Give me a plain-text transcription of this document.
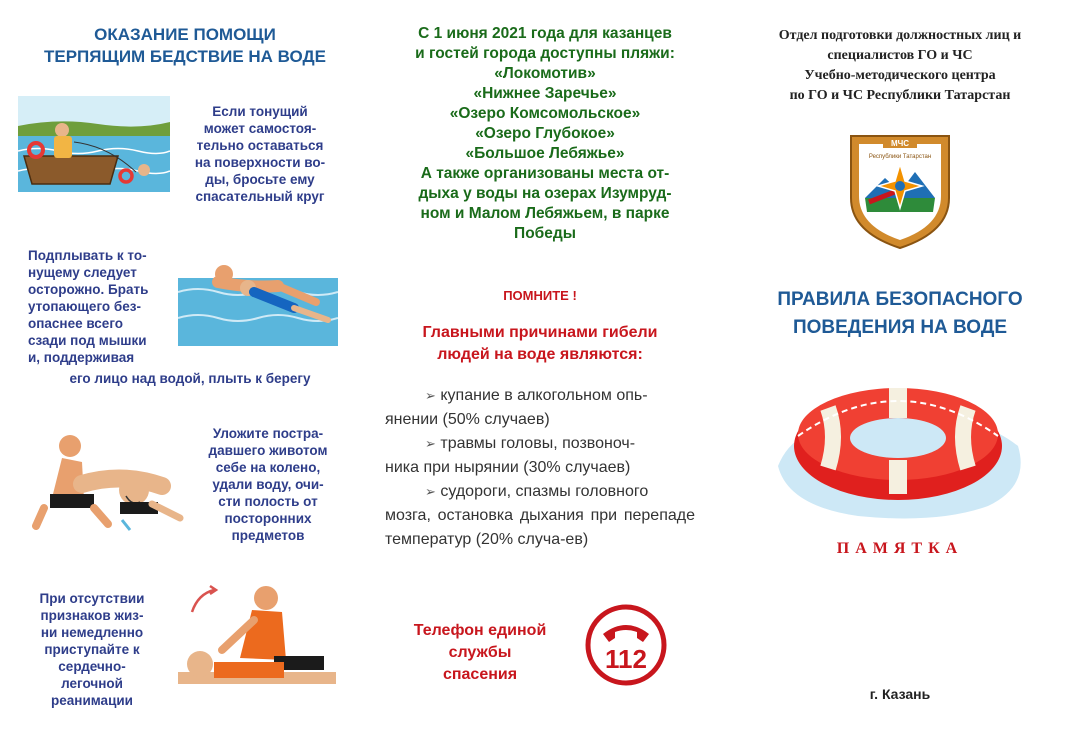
ОКАЗАНИЕ ПОМОЩИ
ТЕРПЯЩИМ БЕДСТВИЕ НА ВОДЕ
Если тонущий
может самостоя-
тельно оставаться
на поверхности во-
ды, бросьте ему
спасательный круг
Подплывать к то-
нущему следует
осторожно. Брать
утопающего без-
опаснее всего
сзади под мышки
и, поддерживая
его лицо над водой, плыть к берегу
Уложите постра-
давшего животом
себе на колено,
удали воду, очи-
сти полость от
посторонних
предметов
При отсутствии
признаков жиз-
ни немедленно
приступайте к
сердечно-
легочной
реанимации
С 1 июня 2021 года для казанцев
и гостей города доступны пляжи:
«Локомотив»
«Нижнее Заречье»
«Озеро Комсомольское»
«Озеро Глубокое»
«Большое Лебяжье»
А также организованы места от-
дыха у воды на озерах Изумруд-
ном и Малом Лебяжьем, в парке
Победы
ПОМНИТЕ !
Главными причинами гибели
людей на воде являются:
➢ купание в алкогольном опь-
янении (50% случаев)
➢ травмы головы, позвоноч-
ника при нырянии (30% случаев)
➢ судороги, спазмы головного
мозга, остановка дыхания при перепаде температур (20% случа-ев)
Телефон единой
службы
спасения
112
Отдел подготовки должностных лиц и
специалистов ГО и ЧС
Учебно-методического центра
по ГО и ЧС Республики Татарстан
МЧС
Республики Татарстан
ПРАВИЛА БЕЗОПАСНОГО
ПОВЕДЕНИЯ НА ВОДЕ
ПАМЯТКА
г. Казань
